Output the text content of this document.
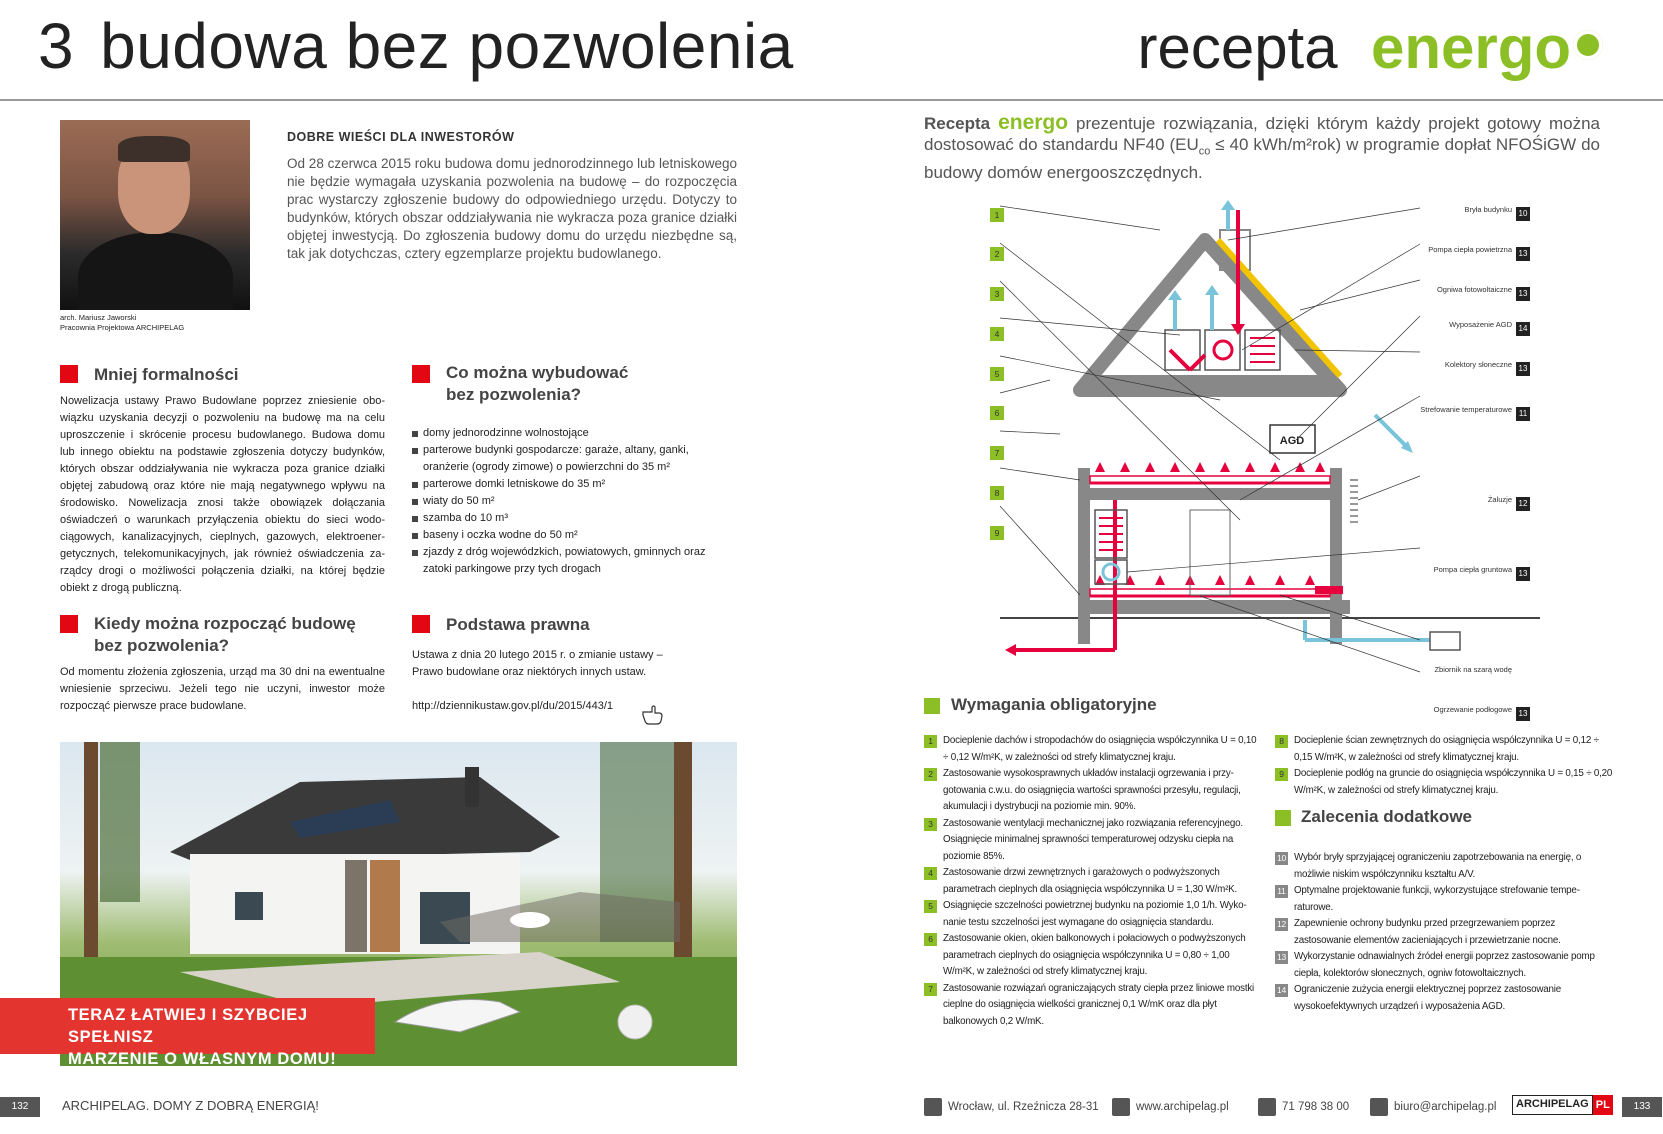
3 budowa bez pozwolenia	recepta energo
arch. Mariusz Jaworski
Pracownia Projektowa ARCHIPELAG
DOBRE WIEŚCI DLA INWESTORÓW
Od 28 czerwca 2015 roku budowa domu jednorodzinnego lub letniskowego nie będzie wymagała uzyskania pozwolenia na budowę – do rozpoczęcia prac wystarczy zgłoszenie budowy do odpowiedniego urzędu. Dotyczy to budynków, których obszar oddziaływania nie wykracza poza granice działki objętej inwestycją. Do zgłoszenia budowy domu do urzędu niezbędne są, tak jak dotychczas, cztery egzemplarze projektu budowlanego.
Mniej formalności
Nowelizacja ustawy Prawo Budowlane poprzez zniesienie obowiązku uzyskania decyzji o pozwoleniu na budowę ma na celu uproszczenie i skrócenie procesu budowlanego. Budowa domu lub innego obiektu na podstawie zgłoszenia dotyczy budynków, których obszar oddziaływania nie wykracza poza granice działki objętej zabudową oraz które nie mają negatywnego wpływu na środowisko. Nowelizacja znosi także obowiązek dołączania oświadczeń o warunkach przyłączenia obiektu do sieci wodociągowych, kanalizacyjnych, cieplnych, gazowych, elektroenergetycznych, telekomunikacyjnych, jak również oświadczenia zarządcy drogi o możliwości połączenia działki, na której będzie obiekt z drogą publiczną.
Co można wybudować
bez pozwolenia?
domy jednorodzinne wolnostojące
parterowe budynki gospodarcze: garaże, altany, ganki, oranżerie (ogrody zimowe) o powierzchni do 35 m²
parterowe domki letniskowe do 35 m²
wiaty do 50 m²
szamba do 10 m³
baseny i oczka wodne do 50 m²
zjazdy z dróg wojewódzkich, powiatowych, gminnych oraz zatoki parkingowe przy tych drogach
Kiedy można rozpocząć budowę
bez pozwolenia?
Od momentu złożenia zgłoszenia, urząd ma 30 dni na ewentualne wniesienie sprzeciwu. Jeżeli tego nie uczyni, inwestor może rozpocząć pierwsze prace budowlane.
Podstawa prawna
Ustawa z dnia 20 lutego 2015 r. o zmianie ustawy – Prawo budowlane oraz niektórych innych ustaw.
http://dziennikustaw.gov.pl/du/2015/443/1
TERAZ ŁATWIEJ I SZYBCIEJ SPEŁNISZ
MARZENIE O WŁASNYM DOMU!
Recepta energo prezentuje rozwiązania, dzięki którym każdy projekt gotowy można dostosować do standardu NF40 ($EU_{co} \le 40$ kWh/m²rok) w programie dopłat NFOŚiGW do budowy domów energooszczędnych.
AGD
1
2
3
4
5
6
7
8
9
Bryła budynku 10
Pompa ciepła powietrzna 13
Ogniwa fotowoltaiczne 13
Wyposażenie AGD 14
Kolektory słoneczne 13
Strefowanie temperaturowe 11
Żaluzje 12
Pompa ciepła gruntowa 13
Zbiornik na szarą wodę
Ogrzewanie podłogowe 13
Wymagania obligatoryjne
1	Docieplenie dachów i stropodachów do osiągnięcia współczynnika U = 0,10 ÷ 0,12 W/m²K, w zależności od strefy klimatycznej kraju.
2	Zastosowanie wysokosprawnych układów instalacji ogrzewania i przygotowania c.w.u. do osiągnięcia wartości sprawności przesyłu, regulacji, akumulacji i dystrybucji na poziomie min. 90%.
3	Zastosowanie wentylacji mechanicznej jako rozwiązania referencyjnego. Osiągnięcie minimalnej sprawności temperaturowej odzysku ciepła na poziomie 85%.
4	Zastosowanie drzwi zewnętrznych i garażowych o podwyższonych parametrach cieplnych dla osiągnięcia współczynnika U = 1,30 W/m²K.
5	Osiągnięcie szczelności powietrznej budynku na poziomie 1,0 1/h. Wykonanie testu szczelności jest wymagane do osiągnięcia standardu.
6	Zastosowanie okien, okien balkonowych i połaciowych o podwyższonych parametrach cieplnych do osiągnięcia współczynnika U = 0,80 ÷ 1,00 W/m²K, w zależności od strefy klimatycznej kraju.
7	Zastosowanie rozwiązań ograniczających straty ciepła przez liniowe mostki cieplne do osiągnięcia wielkości granicznej 0,1 W/mK oraz dla płyt balkonowych 0,2 W/mK.
8	Docieplenie ścian zewnętrznych do osiągnięcia współczynnika U = 0,12 ÷ 0,15 W/m²K, w zależności od strefy klimatycznej kraju.
9	Docieplenie podłóg na gruncie do osiągnięcia współczynnika U = 0,15 ÷ 0,20 W/m²K, w zależności od strefy klimatycznej kraju.
Zalecenia dodatkowe
10 Wybór bryły sprzyjającej ograniczeniu zapotrzebowania na energię, o możliwie niskim współczynniku kształtu A/V.
11 Optymalne projektowanie funkcji, wykorzystujące strefowanie temperaturowe.
12 Zapewnienie ochrony budynku przed przegrzewaniem poprzez zastosowanie elementów zacieniających i przewietrzanie nocne.
13 Wykorzystanie odnawialnych źródeł energii poprzez zastosowanie pomp ciepła, kolektorów słonecznych, ogniw fotowoltaicznych.
14 Ograniczenie zużycia energii elektrycznej poprzez zastosowanie wysokoefektywnych urządzeń i wyposażenia AGD.
132	ARCHIPELAG. DOMY Z DOBRĄ ENERGIĄ!	Wrocław, ul. Rzeźnicza 28-31	www.archipelag.pl	71 798 38 00	biuro@archipelag.pl	ARCHIPELAG PL	133
